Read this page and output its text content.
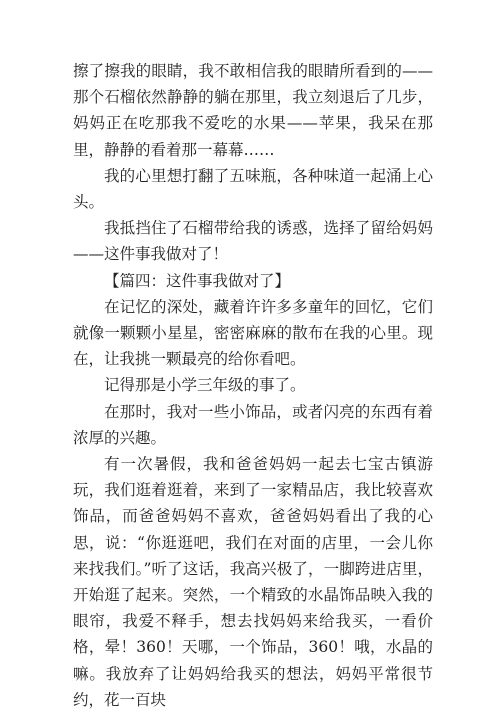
擦了擦我的眼睛，我不敢相信我的眼睛所看到的——那个石榴依然静静的躺在那里，我立刻退后了几步，妈妈正在吃那我不爱吃的水果——苹果，我呆在那里，静静的看着那一幕幕……

我的心里想打翻了五味瓶，各种味道一起涌上心头。

我抵挡住了石榴带给我的诱惑，选择了留给妈妈——这件事我做对了！

【篇四：这件事我做对了】

在记忆的深处，藏着许许多多童年的回忆，它们就像一颗颗小星星，密密麻麻的散布在我的心里。现在，让我挑一颗最亮的给你看吧。

记得那是小学三年级的事了。

在那时，我对一些小饰品，或者闪亮的东西有着浓厚的兴趣。

有一次暑假，我和爸爸妈妈一起去七宝古镇游玩，我们逛着逛着，来到了一家精品店，我比较喜欢饰品，而爸爸妈妈不喜欢，爸爸妈妈看出了我的心思，说：“你逛逛吧，我们在对面的店里，一会儿你来找我们。”听了这话，我高兴极了，一脚跨进店里，开始逛了起来。突然，一个精致的水晶饰品映入我的眼帘，我爱不释手，想去找妈妈来给我买，一看价格，晕！360！天哪，一个饰品，360！哦，水晶的嘛。我放弃了让妈妈给我买的想法，妈妈平常很节约，花一百块
